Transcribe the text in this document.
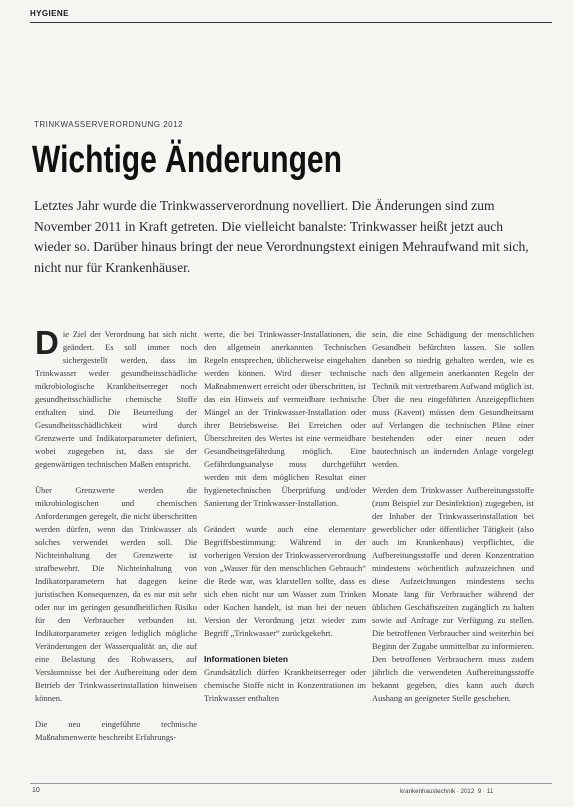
HYGIENE
TRINKWASSERVERORDNUNG 2012
Wichtige Änderungen

Letztes Jahr wurde die Trinkwasserverordnung novelliert. Die Änderungen sind zum November 2011 in Kraft getreten. Die vielleicht banalste: Trinkwasser heißt jetzt auch wieder so. Darüber hinaus bringt der neue Verordnungstext einigen Mehraufwand mit sich, nicht nur für Krankenhäuser.

Die Ziel der Verordnung hat sich nicht geändert. Es soll immer noch sichergestellt werden, dass im Trinkwasser weder gesundheitsschädliche mikrobiologische Krankheitserreger noch gesundheitsschädliche chemische Stoffe enthalten sind. Die Beurteilung der Gesundheitsschädlichkeit wird durch Grenzwerte und Indikatorparameter definiert, wobei zugegeben ist, dass sie der gegenwärtigen technischen Maßen entspricht.

Über Grenzwerte werden die mikrobiologischen und chemischen Anforderungen geregelt, die nicht überschritten werden dürfen, wenn das Trinkwasser als solches verwendet werden soll. Die Nichteinhaltung der Grenzwerte ist strafbewehrt. Die Nichteinhaltung von Indikatorparametern hat dagegen keine juristischen Konsequenzen, da es nur mit sehr oder nur im geringen gesundheitlichen Risiko für den Verbraucher verbunden ist. Indikatorparameter zeigen lediglich mögliche Veränderungen der Wasserqualität an, die auf eine Belastung des Rohwassers, auf Versäumnisse bei der Aufbereitung oder dem Betrieb der Trinkwasserinstallation hinweisen können.

Die neu eingeführte technische Maßnahmenwerte beschreibt Erfahrungs-

werte, die bei Trinkwasser-Installationen, die den allgemein anerkannten Technischen Regeln entsprechen, üblicherweise eingehalten werden können. Wird dieser technische Maßnahmenwert erreicht oder überschritten, ist das ein Hinweis auf vermeidbare technische Mängel an der Trinkwasser-Installation oder ihrer Betriebsweise. Bei Erreichen oder Überschreiten des Wertes ist eine vermeidbare Gesundheitsgefährdung möglich. Eine Gefährdungsanalyse muss durchgeführt werden mit dem möglichen Resultat einer hygienetechnischen Überprüfung und/oder Sanierung der Trinkwasser-Installation.

Geändert wurde auch eine elementare Begriffsbestimmung: Während in der vorherigen Version der Trinkwasserverordnung von „Wasser für den menschlichen Gebrauch“ die Rede war, was klarstellen sollte, dass es sich eben nicht nur um Wasser zum Trinken oder Kochen handelt, ist man bei der neuen Version der Verordnung jetzt wieder zum Begriff „Trinkwasser“ zurückgekehrt.

Informationen bieten

Grundsätzlich dürfen Krankheitserreger oder chemische Stoffe nicht in Konzentrationen im Trinkwasser enthalten

sein, die eine Schädigung der menschlichen Gesundheit befürchten lassen. Sie sollen daneben so niedrig gehalten werden, wie es nach den allgemein anerkannten Regeln der Technik mit vertretbarem Aufwand möglich ist. Über die neu eingeführten Anzeigepflichten muss (Kavent) müssen dem Gesundheitsamt auf Verlangen die technischen Pläne einer bestehenden oder einer neuen oder bautechnisch an ändernden Anlage vorgelegt werden.

Werden dem Trinkwasser Aufbereitungsstoffe (zum Beispiel zur Desinfektion) zugegeben, ist der Inhaber der Trinkwasserinstallation bei gewerblicher oder öffentlicher Tätigkeit (also auch im Krankenhaus) verpflichtet, die Aufbereitungsstoffe und deren Konzentration mindestens wöchentlich aufzuzeichnen und diese Aufzeichnungen mindestens sechs Monate lang für Verbraucher während der üblichen Geschäftszeiten zugänglich zu halten sowie auf Anfrage zur Verfügung zu stellen. Die betroffenen Verbraucher sind weiterhin bei Beginn der Zugabe unmittelbar zu informieren. Den betroffenen Verbrauchern muss zudem jährlich die verwendeten Aufbereitungsstoffe bekannt gegeben, dies kann auch durch Aushang an geeigneter Stelle geschehen.

10	krankenhaustechnik · 2012 9 · 11
